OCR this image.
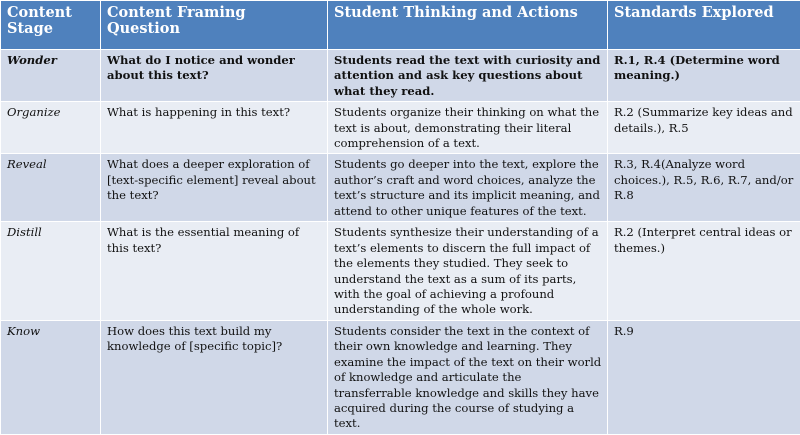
Content Stage	Content Framing Question	Student Thinking and Actions	Standards Explored
Wonder	What do I notice and wonder about this text?	Students read the text with curiosity and attention and ask key questions about what they read.	R.1, R.4 (Determine word meaning.)
Organize	What is happening in this text?	Students organize their thinking on what the text is about, demonstrating their literal comprehension of a text.	R.2 (Summarize key ideas and details.), R.5
Reveal	What does a deeper exploration of [text-specific element] reveal about the text?	Students go deeper into the text, explore the author’s craft and word choices, analyze the text’s structure and its implicit meaning, and attend to other unique features of the text.	R.3, R.4(Analyze word choices.), R.5, R.6, R.7, and/or R.8
Distill	What is the essential meaning of this text?	Students synthesize their understanding of a text’s elements to discern the full impact of the elements they studied. They seek to understand the text as a sum of its parts, with the goal of achieving a profound understanding of the whole work.	R.2 (Interpret central ideas or themes.)
Know	How does this text build my knowledge of [specific topic]?	Students consider the text in the context of their own knowledge and learning. They examine the impact of the text on their world of knowledge and articulate the transferrable knowledge and skills they have acquired during the course of studying a text.	R.9
